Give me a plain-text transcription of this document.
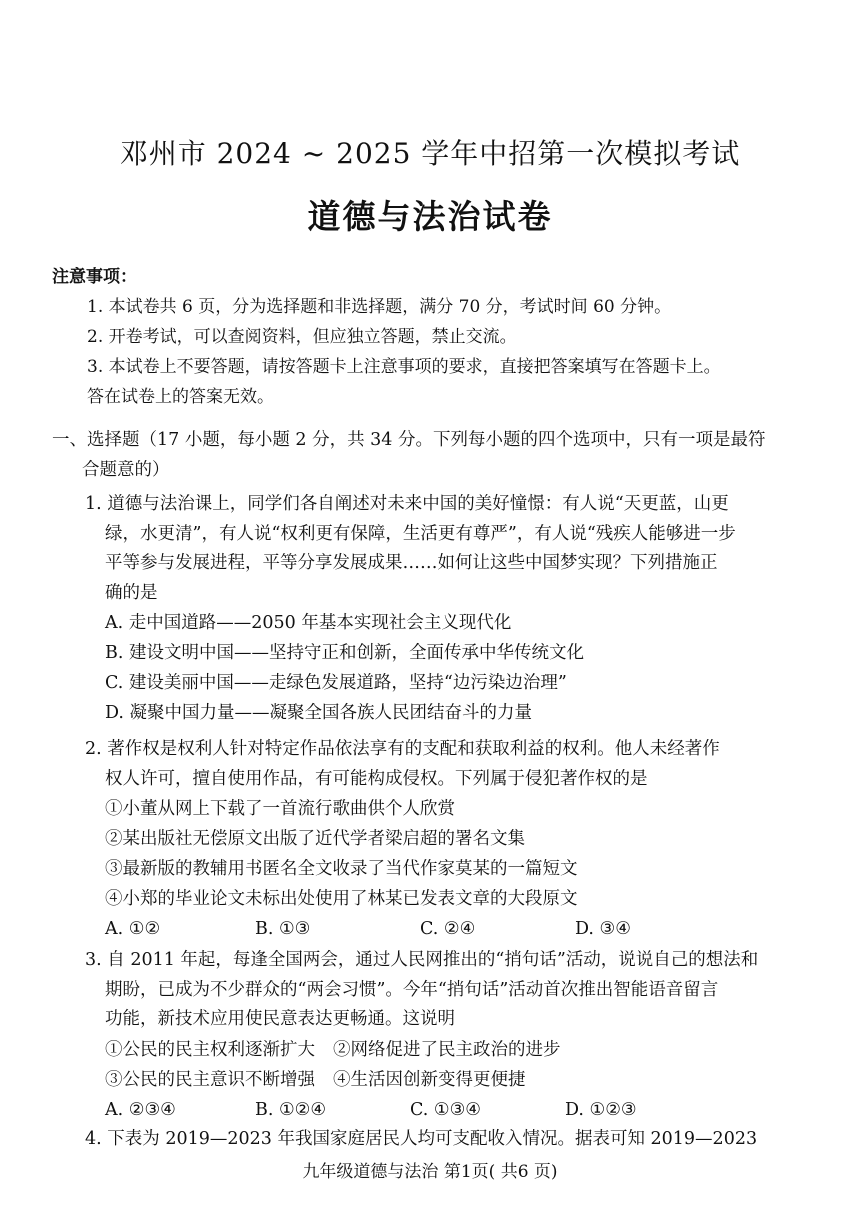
邓州市 2024 ~ 2025 学年中招第一次模拟考试
道德与法治试卷
注意事项：
1. 本试卷共 6 页，分为选择题和非选择题，满分 70 分，考试时间 60 分钟。
2. 开卷考试，可以查阅资料，但应独立答题，禁止交流。
3. 本试卷上不要答题，请按答题卡上注意事项的要求，直接把答案填写在答题卡上。
答在试卷上的答案无效。
一、选择题（17 小题，每小题 2 分，共 34 分。下列每小题的四个选项中，只有一项是最符
合题意的）
1. 道德与法治课上，同学们各自阐述对未来中国的美好憧憬：有人说“天更蓝，山更
绿，水更清”，有人说“权利更有保障，生活更有尊严”，有人说“残疾人能够进一步
平等参与发展进程，平等分享发展成果……如何让这些中国梦实现？下列措施正
确的是
A. 走中国道路——2050 年基本实现社会主义现代化
B. 建设文明中国——坚持守正和创新，全面传承中华传统文化
C. 建设美丽中国——走绿色发展道路，坚持“边污染边治理”
D. 凝聚中国力量——凝聚全国各族人民团结奋斗的力量
2. 著作权是权利人针对特定作品依法享有的支配和获取利益的权利。他人未经著作
权人许可，擅自使用作品，有可能构成侵权。下列属于侵犯著作权的是
①小董从网上下载了一首流行歌曲供个人欣赏
②某出版社无偿原文出版了近代学者梁启超的署名文集
③最新版的教辅用书匿名全文收录了当代作家莫某的一篇短文
④小郑的毕业论文未标出处使用了林某已发表文章的大段原文
A. ①②	B. ①③	C. ②④	D. ③④
3. 自 2011 年起，每逢全国两会，通过人民网推出的“捎句话”活动，说说自己的想法和
期盼，已成为不少群众的“两会习惯”。今年“捎句话”活动首次推出智能语音留言
功能，新技术应用使民意表达更畅通。这说明
①公民的民主权利逐渐扩大	②网络促进了民主政治的进步
③公民的民主意识不断增强	④生活因创新变得更便捷
A. ②③④	B. ①②④	C. ①③④	D. ①②③
4. 下表为 2019—2023 年我国家庭居民人均可支配收入情况。据表可知 2019—2023
九年级道德与法治 第1页( 共6 页)
